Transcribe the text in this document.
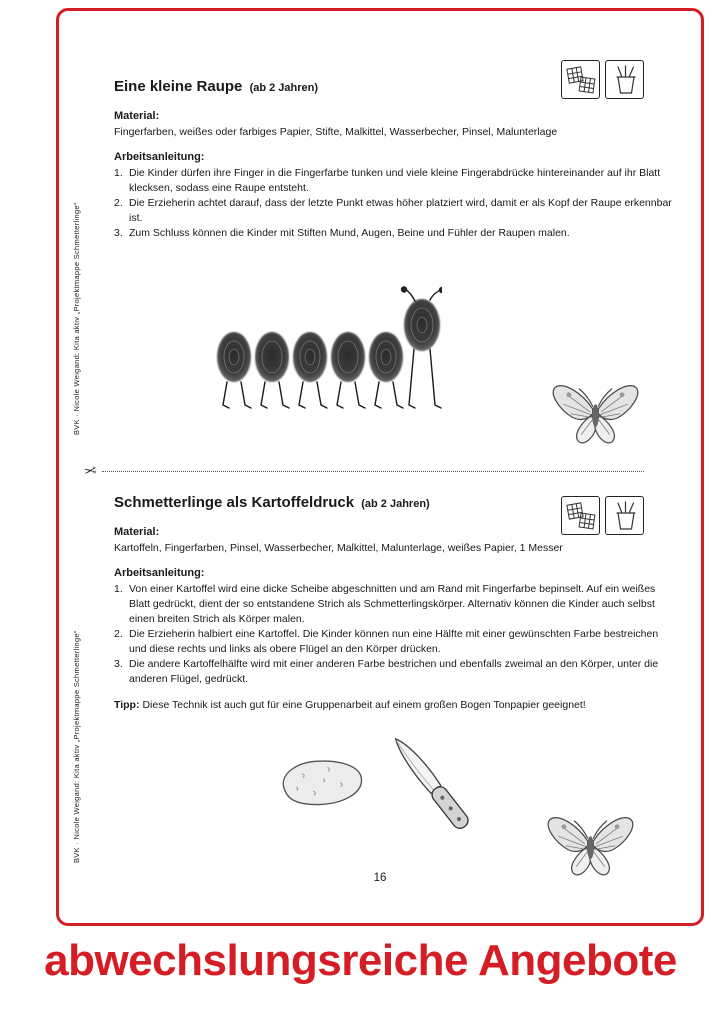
BVK · Nicole Weigand: Kita aktiv „Projektmappe Schmetterlinge“
BVK · Nicole Weigand: Kita aktiv „Projektmappe Schmetterlinge“
Eine kleine Raupe (ab 2 Jahren)
Material:
Fingerfarben, weißes oder farbiges Papier, Stifte, Malkittel, Wasserbecher, Pinsel, Malunterlage
Arbeitsanleitung:
1. Die Kinder dürfen ihre Finger in die Fingerfarbe tunken und viele kleine Fingerabdrücke hintereinander auf ihr Blatt klecksen, sodass eine Raupe entsteht.
2. Die Erzieherin achtet darauf, dass der letzte Punkt etwas höher platziert wird, damit er als Kopf der Raupe erkennbar ist.
3. Zum Schluss können die Kinder mit Stiften Mund, Augen, Beine und Fühler der Raupen malen.
✂
Schmetterlinge als Kartoffeldruck (ab 2 Jahren)
Material:
Kartoffeln, Fingerfarben, Pinsel, Wasserbecher, Malkittel, Malunterlage, weißes Papier, 1 Messer
Arbeitsanleitung:
1. Von einer Kartoffel wird eine dicke Scheibe abgeschnitten und am Rand mit Fingerfarbe bepinselt. Auf ein weißes Blatt gedrückt, dient der so entstandene Strich als Schmetterlingskörper. Alternativ können die Kinder auch selbst einen breiten Strich als Körper malen.
2. Die Erzieherin halbiert eine Kartoffel. Die Kinder können nun eine Hälfte mit einer gewünschten Farbe bestreichen und diese rechts und links als obere Flügel an den Körper drücken.
3. Die andere Kartoffelhälfte wird mit einer anderen Farbe bestrichen und ebenfalls zweimal an den Körper, unter die anderen Flügel, gedrückt.
Tipp: Diese Technik ist auch gut für eine Gruppenarbeit auf einem großen Bogen Tonpapier geeignet!
16
abwechslungsreiche Angebote
